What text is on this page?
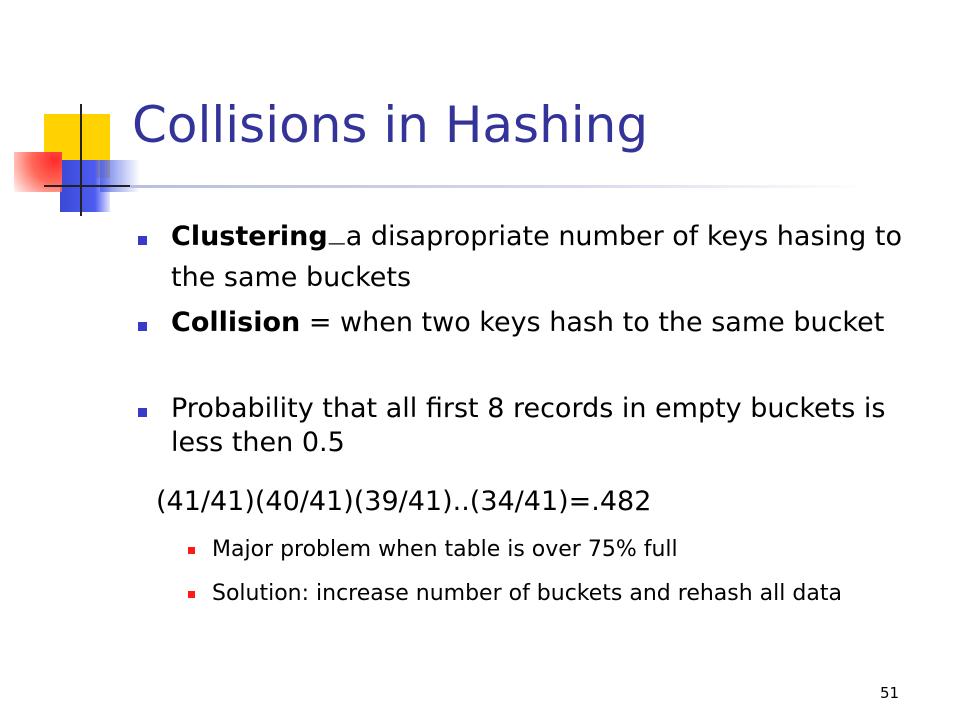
Collisions in Hashing
Clustering—a disapropriate number of keys hasing to the same buckets
Collision = when two keys hash to the same bucket
Probability that all first 8 records in empty buckets is less then 0.5
(41/41)(40/41)(39/41)..(34/41)=.482
Major problem when table is over 75% full
Solution: increase number of buckets and rehash all data
51
